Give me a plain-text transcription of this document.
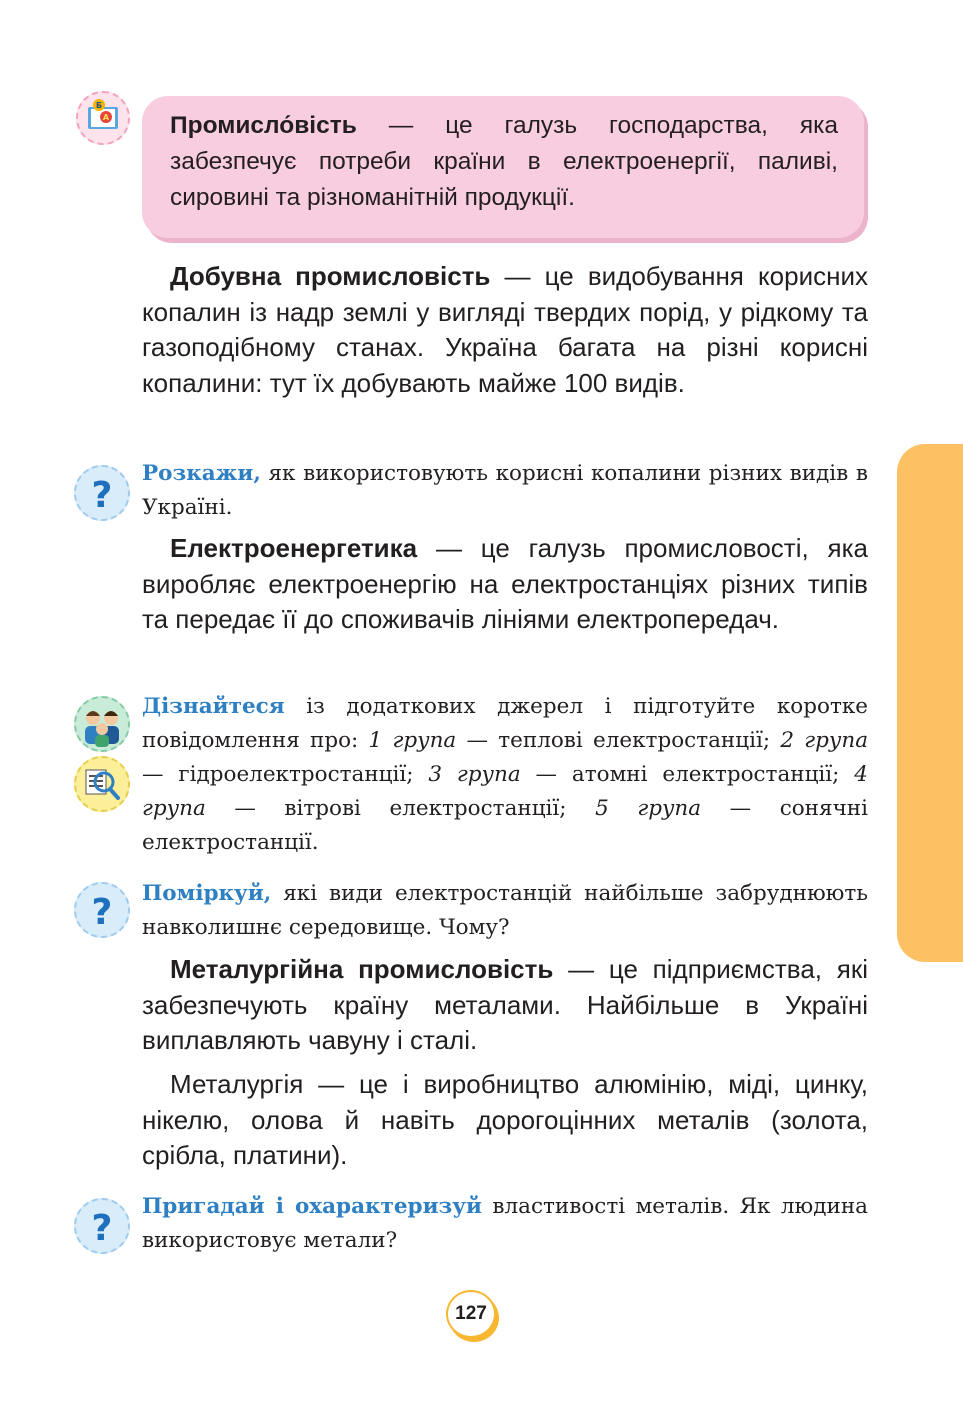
Б
А Промисло́вість — це галузь господарства, яка забезпечує потреби країни в електроенергії, паливі, сировині та різноманітній продукції.

Добувна промисловість — це видобування корисних копалин із надр землі у вигляді твердих порід, у рідкому та газоподібному станах. Україна багата на різні корисні копалини: тут їх добувають майже 100 видів.

?

Розкажи, як використовують корисні копалини різних видів в Україні.

Електроенергетика — це галузь промисловості, яка виробляє електроенергію на електростанціях різних типів та передає її до споживачів лініями електропередач.

Дізнайтеся із додаткових джерел і підготуйте коротке повідомлення про: 1 група — теплові електростанції; 2 група — гідроелектростанції; 3 група — атомні електростанції; 4 група — вітрові електростанції; 5 група — сонячні електростанції.

? Поміркуй, які види електростанцій найбільше забруднюють навколишнє середовище. Чому?

Металургійна промисловість — це підприємства, які забезпечують країну металами. Найбільше в Україні виплавляють чавуну і сталі.

Металургія — це і виробництво алюмінію, міді, цинку, нікелю, олова й навіть дорогоцінних металів (золота, срібла, платини).

?

Пригадай і охарактеризуй властивості металів. Як людина використовує метали?

127
